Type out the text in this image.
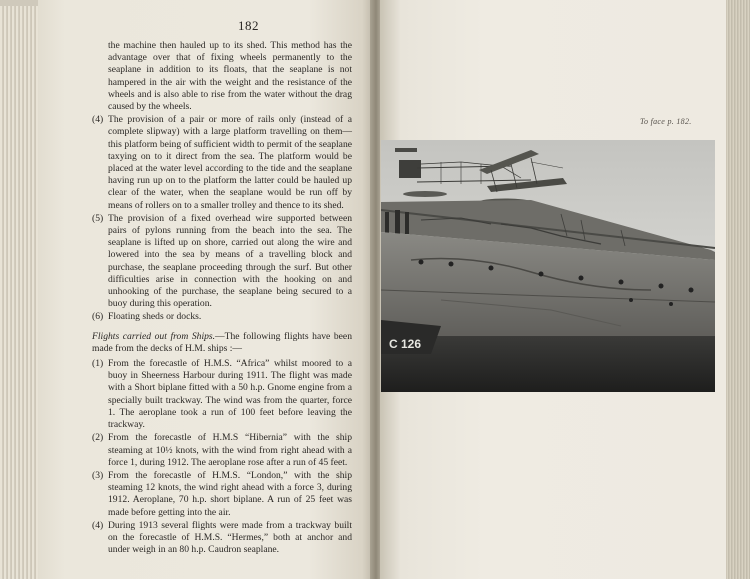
182

the machine then hauled up to its shed. This method has the advantage over that of fixing wheels permanently to the seaplane in addition to its floats, that the seaplane is not hampered in the air with the weight and the resistance of the wheels and is also able to rise from the water without the drag caused by the wheels.

(4) The provision of a pair or more of rails only (instead of a complete slipway) with a large platform travelling on them—this platform being of sufficient width to permit of the seaplane taxying on to it direct from the sea. The platform would be placed at the water level according to the tide and the seaplane having run up on to the platform the latter could be hauled up clear of the water, when the seaplane would be run off by means of rollers on to a smaller trolley and thence to its shed.
(5) The provision of a fixed overhead wire supported between pairs of pylons running from the beach into the sea. The seaplane is lifted up on shore, carried out along the wire and lowered into the sea by means of a travelling block and purchase, the seaplane proceeding through the surf. But other difficulties arise in connection with the hooking on and unhooking of the purchase, the seaplane being secured to a buoy during this operation.
(6) Floating sheds or docks.

Flights carried out from Ships.—The following flights have been made from the decks of H.M. ships :—

(1) From the forecastle of H.M.S. “Africa” whilst moored to a buoy in Sheerness Harbour during 1911. The flight was made with a Short biplane fitted with a 50 h.p. Gnome engine from a specially built trackway. The wind was from the quarter, force 1. The aeroplane took a run of 100 feet before leaving the trackway.
(2) From the forecastle of H.M.S “Hibernia” with the ship steaming at 10½ knots, with the wind from right ahead with a force 1, during 1912. The aeroplane rose after a run of 45 feet.
(3) From the forecastle of H.M.S. “London,” with the ship steaming 12 knots, the wind right ahead with a force 3, during 1912. Aeroplane, 70 h.p. short biplane. A run of 25 feet was made before getting into the air.
(4) During 1913 several flights were made from a trackway built on the forecastle of H.M.S. “Hermes,” both at anchor and under weigh in an 80 h.p. Caudron seaplane.
To face p. 182.
C 126
